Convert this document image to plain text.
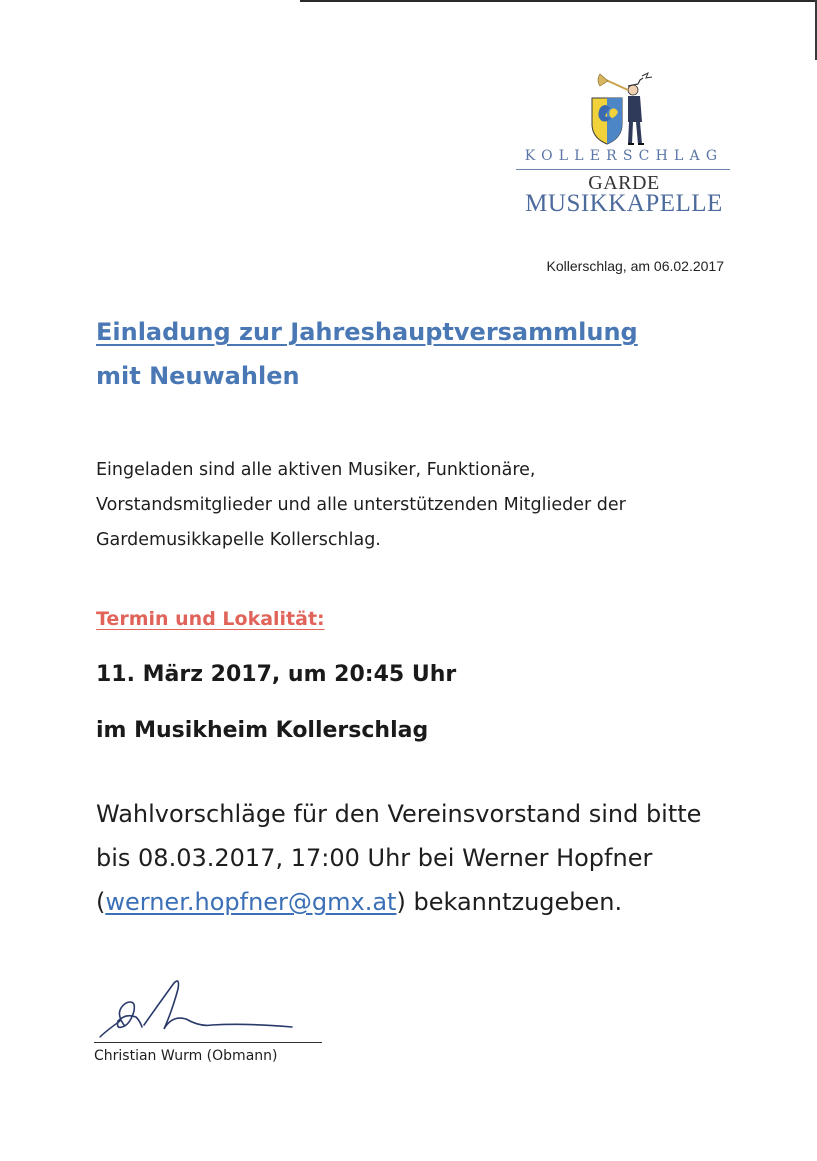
KOLLERSCHLAG
GARDE
MUSIKKAPELLE
Kollerschlag, am 06.02.2017
Einladung zur Jahreshauptversammlung
mit Neuwahlen
Eingeladen sind alle aktiven Musiker, Funktionäre,
Vorstandsmitglieder und alle unterstützenden Mitglieder der
Gardemusikkapelle Kollerschlag.
Termin und Lokalität:
11. März 2017, um 20:45 Uhr
im Musikheim Kollerschlag
Wahlvorschläge für den Vereinsvorstand sind bitte
bis 08.03.2017, 17:00 Uhr bei Werner Hopfner
(werner.hopfner@gmx.at) bekanntzugeben.
Christian Wurm (Obmann)
